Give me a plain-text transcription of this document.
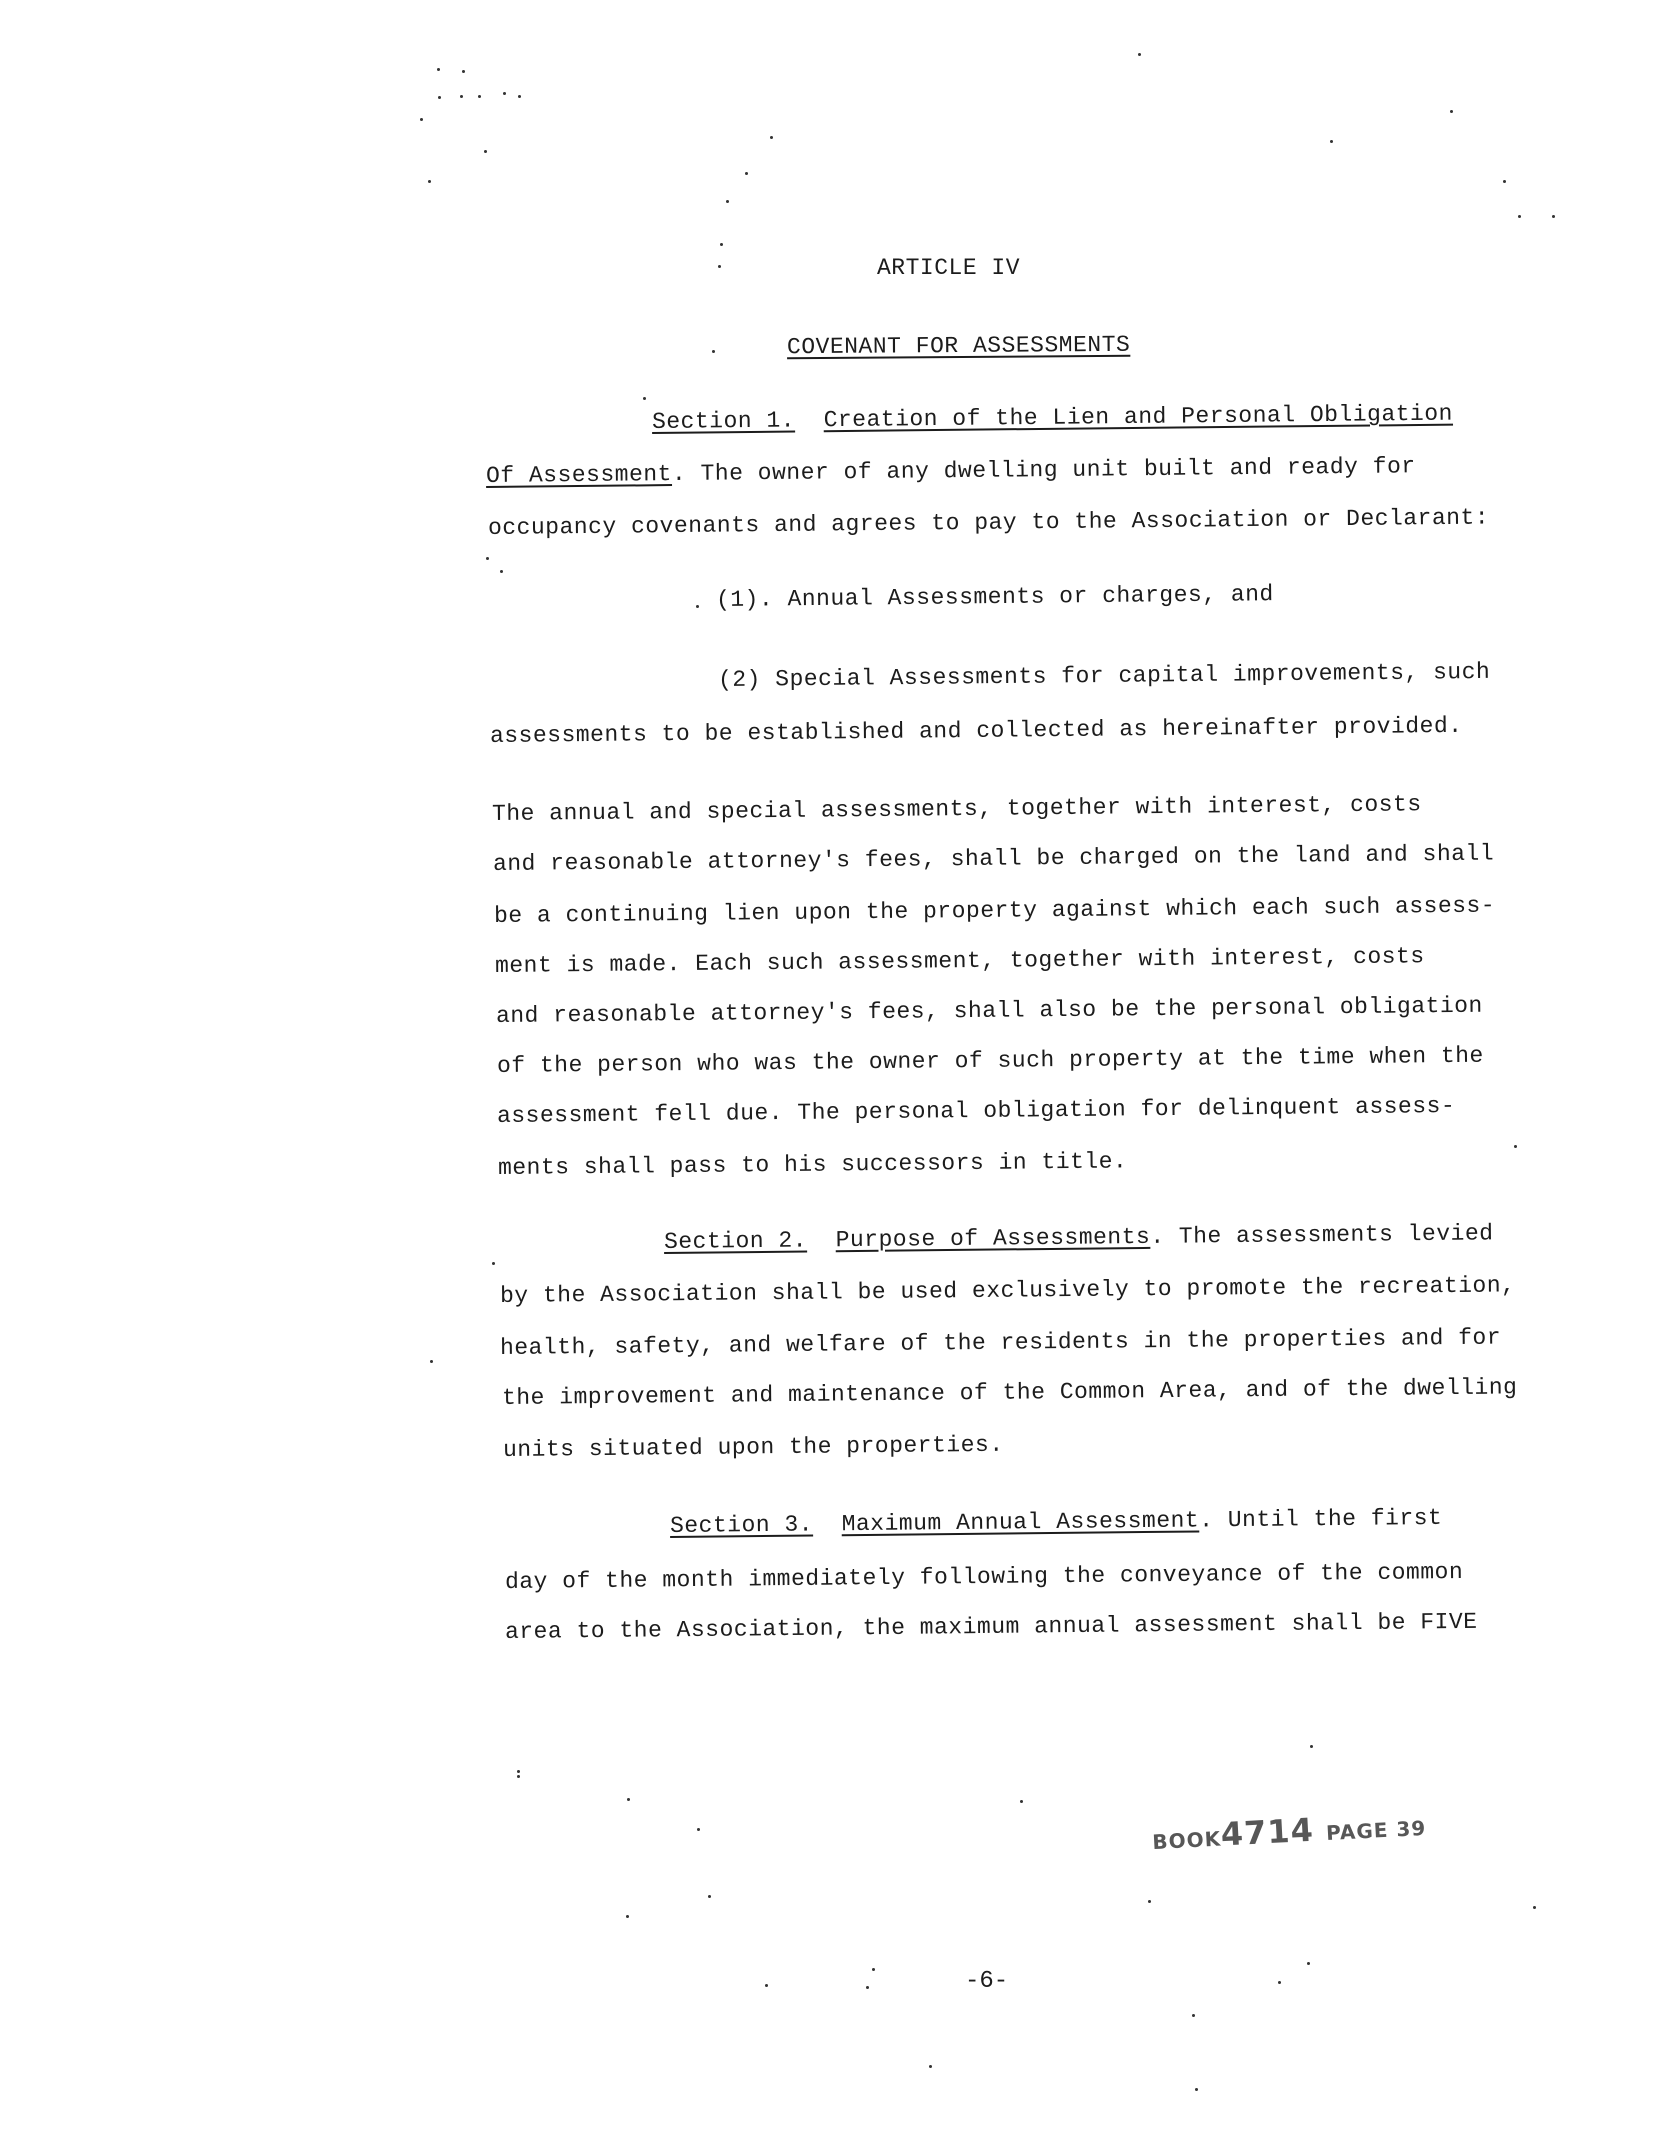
ARTICLE IV
COVENANT FOR ASSESSMENTS
Section 1. Creation of the Lien and Personal Obligation
Of Assessment. The owner of any dwelling unit built and ready for
occupancy covenants and agrees to pay to the Association or Declarant:
(1). Annual Assessments or charges, and
(2) Special Assessments for capital improvements, such
assessments to be established and collected as hereinafter provided.
The annual and special assessments, together with interest, costs
and reasonable attorney's fees, shall be charged on the land and shall
be a continuing lien upon the property against which each such assess-
ment is made. Each such assessment, together with interest, costs
and reasonable attorney's fees, shall also be the personal obligation
of the person who was the owner of such property at the time when the
assessment fell due. The personal obligation for delinquent assess-
ments shall pass to his successors in title.
Section 2. Purpose of Assessments. The assessments levied
by the Association shall be used exclusively to promote the recreation,
health, safety, and welfare of the residents in the properties and for
the improvement and maintenance of the Common Area, and of the dwelling
units situated upon the properties.
Section 3. Maximum Annual Assessment. Until the first
day of the month immediately following the conveyance of the common
area to the Association, the maximum annual assessment shall be FIVE
BOOK4714 PAGE 39
-6-
